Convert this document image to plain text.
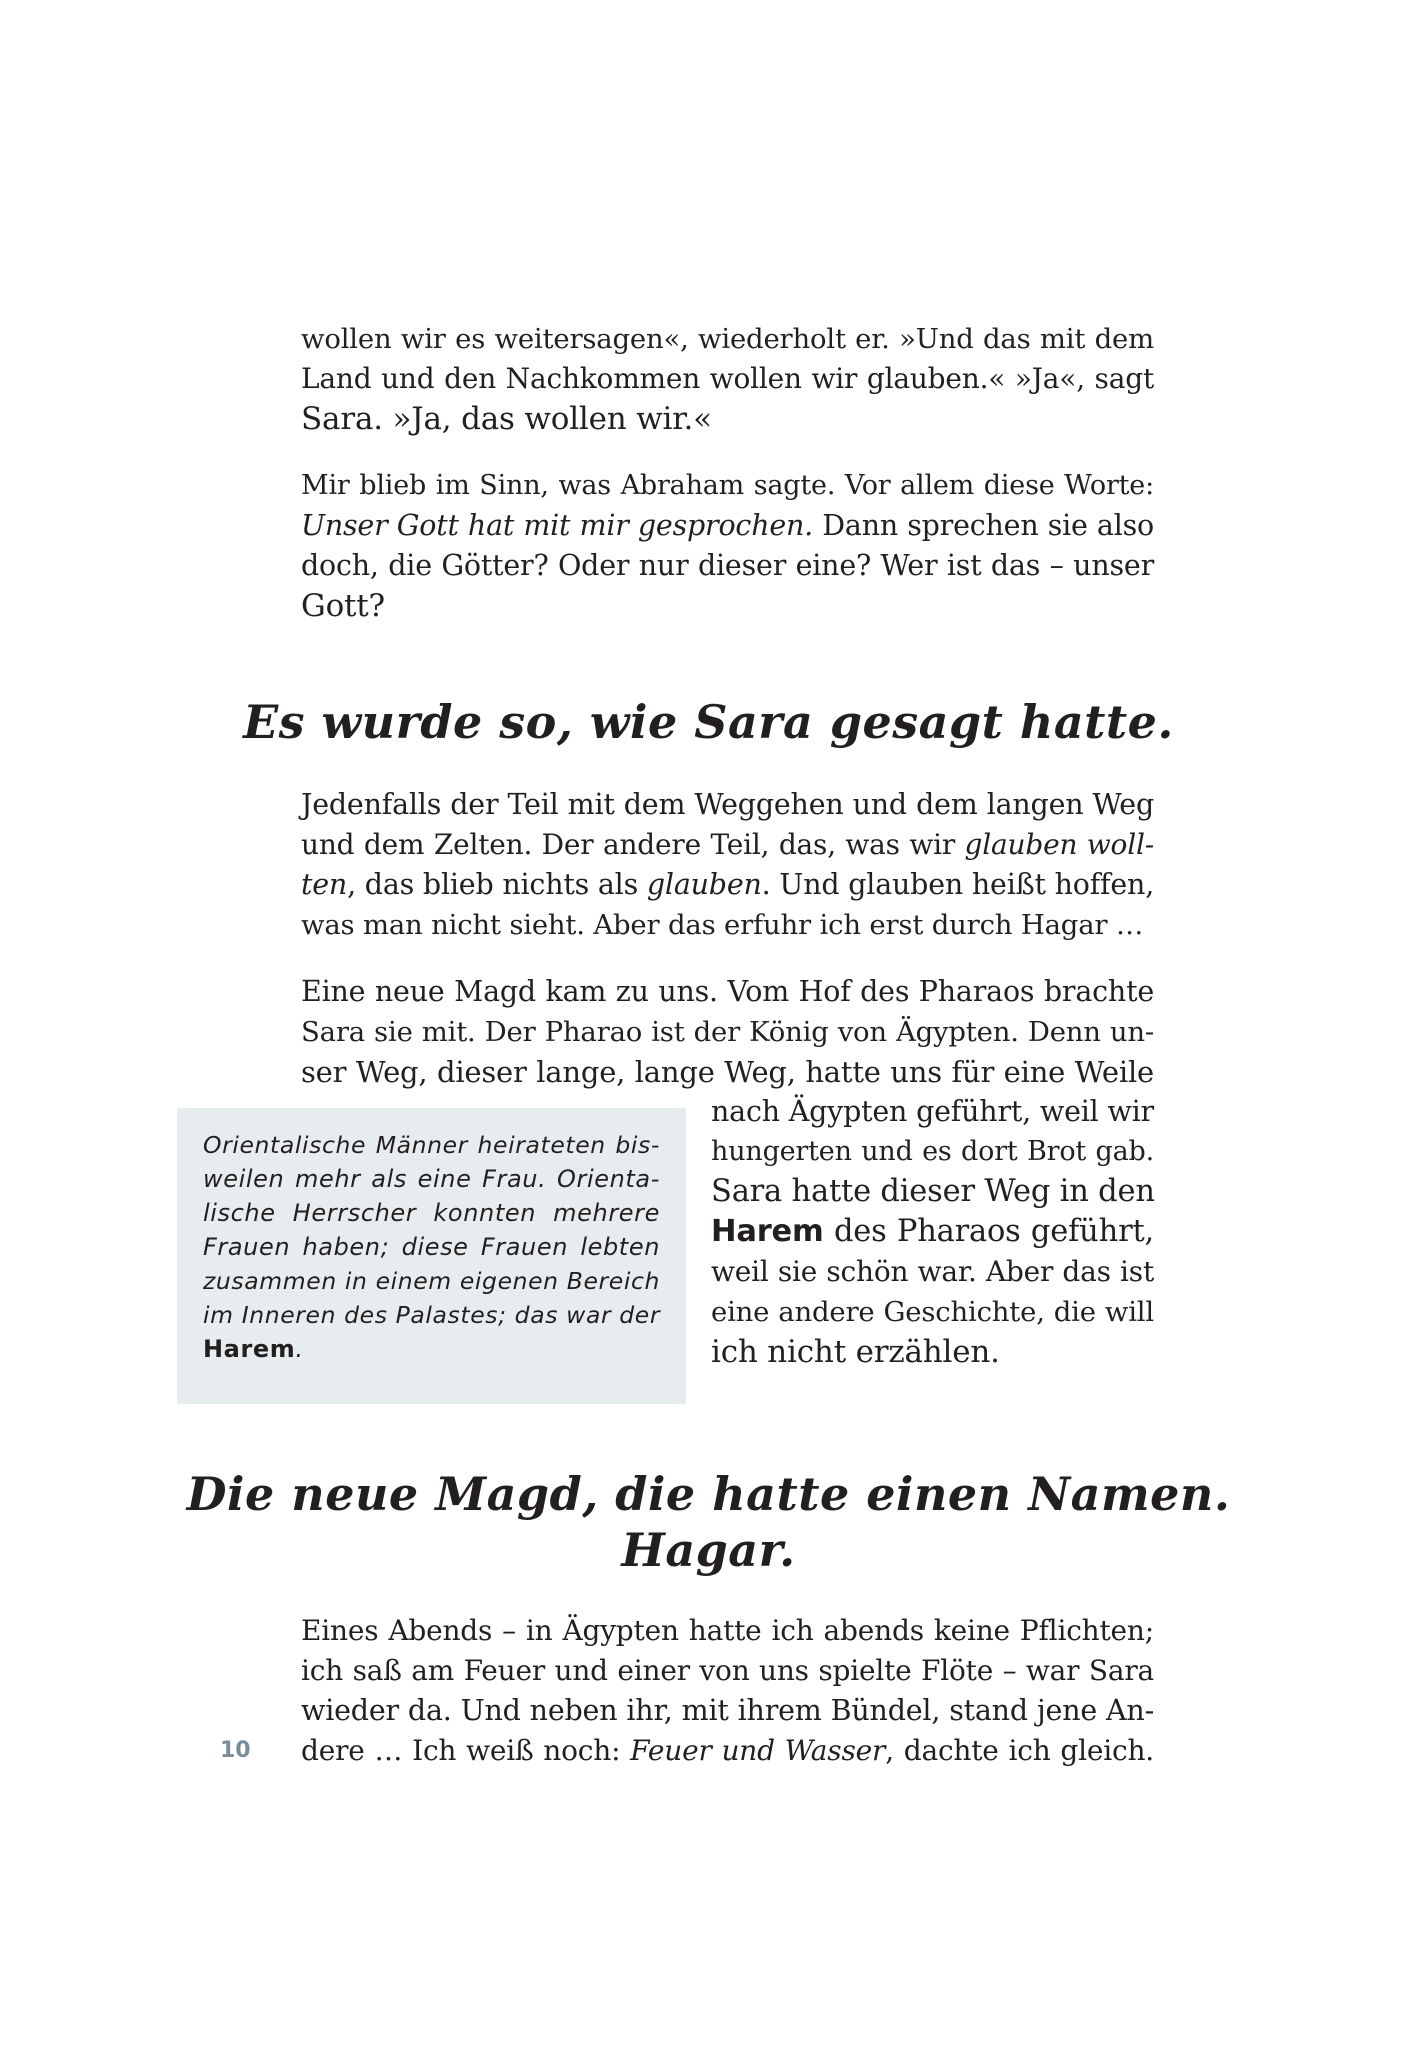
wollen wir es weitersagen«, wiederholt er. »Und das mit dem
Land und den Nachkommen wollen wir glauben.« »Ja«, sagt
Sara. »Ja, das wollen wir.«
Mir blieb im Sinn, was Abraham sagte. Vor allem diese Worte:
Unser Gott hat mit mir gesprochen. Dann sprechen sie also
doch, die Götter? Oder nur dieser eine? Wer ist das – unser
Gott?
Es wurde so, wie Sara gesagt hatte.
Jedenfalls der Teil mit dem Weggehen und dem langen Weg
und dem Zelten. Der andere Teil, das, was wir glauben woll-
ten, das blieb nichts als glauben. Und glauben heißt hoffen,
was man nicht sieht. Aber das erfuhr ich erst durch Hagar …
Eine neue Magd kam zu uns. Vom Hof des Pharaos brachte
Sara sie mit. Der Pharao ist der König von Ägypten. Denn un-
ser Weg, dieser lange, lange Weg, hatte uns für eine Weile
nach Ägypten geführt, weil wir
hungerten und es dort Brot gab.
Sara hatte dieser Weg in den
Harem des Pharaos geführt,
weil sie schön war. Aber das ist
eine andere Geschichte, die will
ich nicht erzählen.
Orientalische Männer heirateten bis-
weilen mehr als eine Frau. Orienta-
lische Herrscher konnten mehrere
Frauen haben; diese Frauen lebten
zusammen in einem eigenen Bereich
im Inneren des Palastes; das war der
Harem.
Die neue Magd, die hatte einen Namen.
Hagar.
Eines Abends – in Ägypten hatte ich abends keine Pflichten;
ich saß am Feuer und einer von uns spielte Flöte – war Sara
wieder da. Und neben ihr, mit ihrem Bündel, stand jene An-
dere … Ich weiß noch: Feuer und Wasser, dachte ich gleich.
10
